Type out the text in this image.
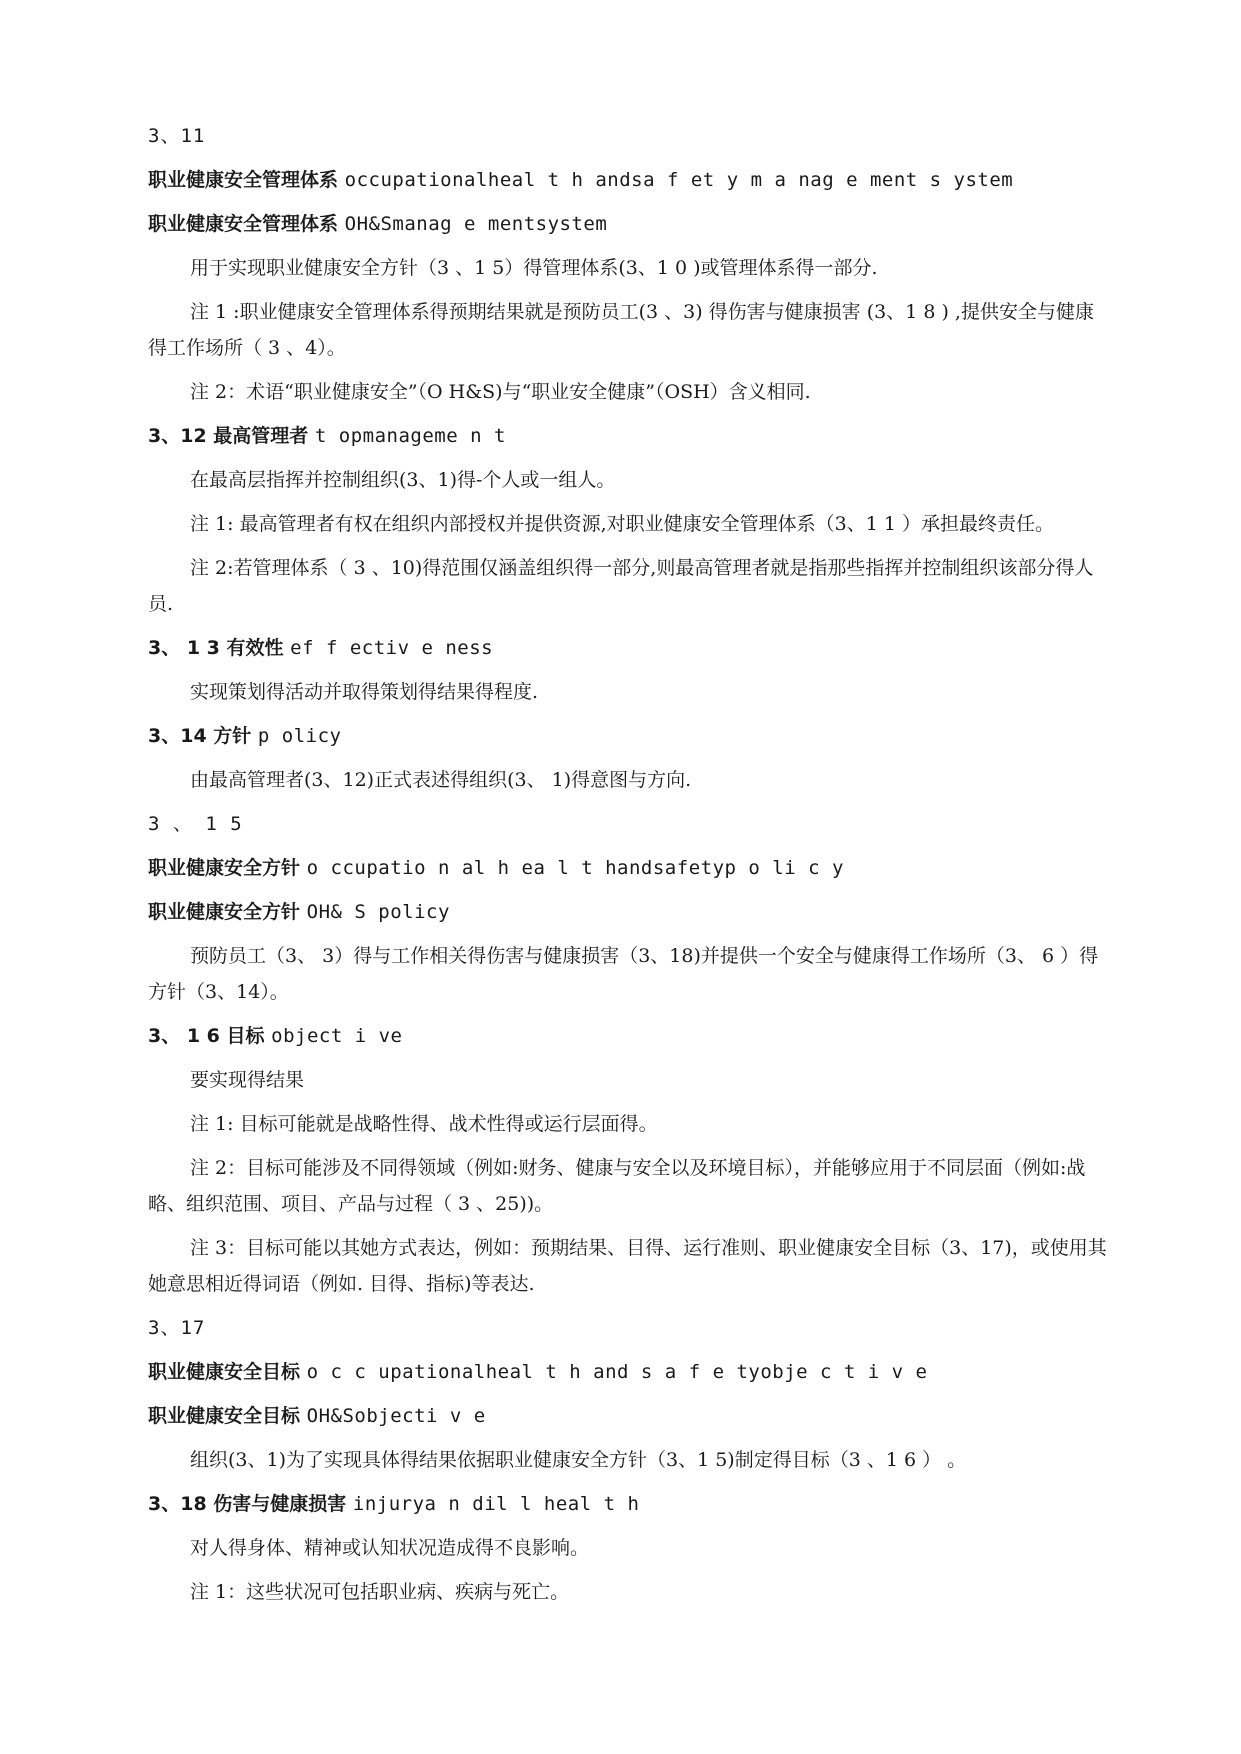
3、11
职业健康安全管理体系 occupationalheal t h andsa f et y m a nag e ment s ystem
职业健康安全管理体系 OH&Smanag e mentsystem
用于实现职业健康安全方针（3 、1 5）得管理体系(3、1 0 )或管理体系得一部分.
注 1 :职业健康安全管理体系得预期结果就是预防员工(3 、3) 得伤害与健康损害 (3、1 8 ) ,提供安全与健康得工作场所（ 3 、4）。
注 2：术语“职业健康安全”（O H&S)与“职业安全健康”（OSH）含义相同.
3、12 最高管理者 t opmanageme n t
在最高层指挥并控制组织(3、1)得-个人或一组人。
注 1: 最高管理者有权在组织内部授权并提供资源,对职业健康安全管理体系（3、1 1 ）承担最终责任。
注 2:若管理体系（ 3 、10)得范围仅涵盖组织得一部分,则最高管理者就是指那些指挥并控制组织该部分得人员.
3、 1 3 有效性 ef f ectiv e ness
实现策划得活动并取得策划得结果得程度.
3、14 方针 p olicy
由最高管理者(3、12)正式表述得组织(3、 1)得意图与方向.
3 、 1 5
职业健康安全方针 o ccupatio n al h ea l t handsafetyp o li c y
职业健康安全方针 OH& S policy
预防员工（3、 3）得与工作相关得伤害与健康损害（3、18)并提供一个安全与健康得工作场所（3、 6 ）得方针（3、14）。
3、 1 6 目标 object i ve
要实现得结果
注 1: 目标可能就是战略性得、战术性得或运行层面得。
注 2：目标可能涉及不同得领域（例如:财务、健康与安全以及环境目标），并能够应用于不同层面（例如:战略、组织范围、项目、产品与过程（ 3 、25))。
注 3：目标可能以其她方式表达，例如：预期结果、目得、运行准则、职业健康安全目标（3、17)，或使用其她意思相近得词语（例如. 目得、指标)等表达.
3、17
职业健康安全目标 o c c upationalheal t h and s a f e tyobje c t i v e
职业健康安全目标 OH&Sobjecti v e
组织(3、1)为了实现具体得结果依据职业健康安全方针（3、1 5)制定得目标（3 、1 6 ） 。
3、18 伤害与健康损害 injurya n dil l heal t h
对人得身体、精神或认知状况造成得不良影响。
注 1：这些状况可包括职业病、疾病与死亡。
